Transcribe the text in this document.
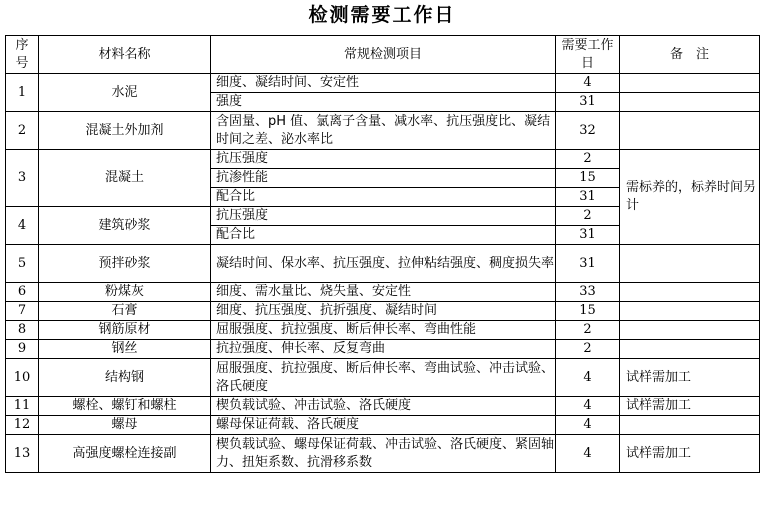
检测需要工作日
序号	材料名称	常规检测项目	需要工作日	备　注
1	水泥	细度、凝结时间、安定性	4	
		强度	31	
2	混凝土外加剂	含固量、pH 值、氯离子含量、减水率、抗压强度比、凝结时间之差、泌水率比	32	
3	混凝土	抗压强度	2	需标养的，标养时间另计
		抗渗性能	15	
		配合比	31	
4	建筑砂浆	抗压强度	2	
		配合比	31	
5	预拌砂浆	凝结时间、保水率、抗压强度、拉伸粘结强度、稠度损失率	31	
6	粉煤灰	细度、需水量比、烧失量、安定性	33	
7	石膏	细度、抗压强度、抗折强度、凝结时间	15	
8	钢筋原材	屈服强度、抗拉强度、断后伸长率、弯曲性能	2	
9	钢丝	抗拉强度、伸长率、反复弯曲	2	
10	结构钢	屈服强度、抗拉强度、断后伸长率、弯曲试验、冲击试验、洛氏硬度	4	试样需加工
11	螺栓、螺钉和螺柱	楔负载试验、冲击试验、洛氏硬度	4	试样需加工
12	螺母	螺母保证荷载、洛氏硬度	4	
13	高强度螺栓连接副	楔负载试验、螺母保证荷载、冲击试验、洛氏硬度、紧固轴力、扭矩系数、抗滑移系数	4	试样需加工
